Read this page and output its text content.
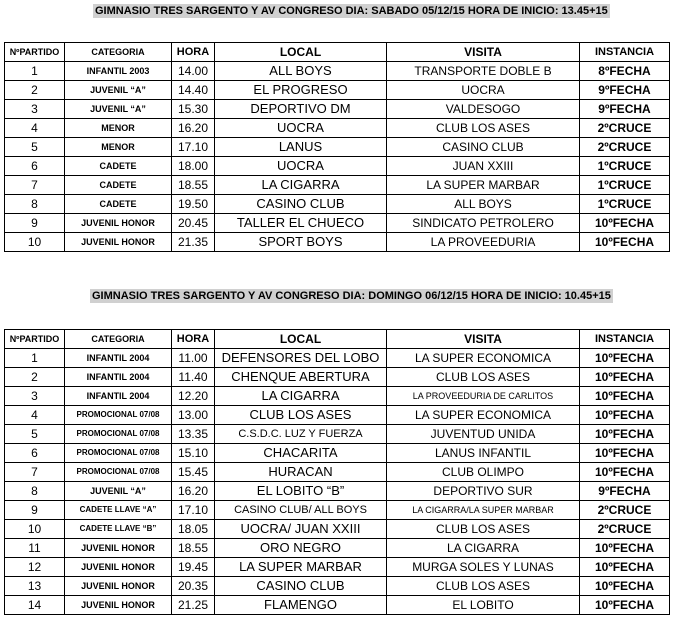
GIMNASIO TRES SARGENTO Y AV CONGRESO DIA: SABADO 05/12/15 HORA DE INICIO: 13.45+15
NºPARTIDO	CATEGORIA	HORA	LOCAL	VISITA	INSTANCIA
1	INFANTIL 2003	14.00	ALL BOYS	TRANSPORTE DOBLE B	8ºFECHA
2	JUVENIL “A”	14.40	EL PROGRESO	UOCRA	9ºFECHA
3	JUVENIL “A”	15.30	DEPORTIVO DM	VALDESOGO	9ºFECHA
4	MENOR	16.20	UOCRA	CLUB LOS ASES	2ºCRUCE
5	MENOR	17.10	LANUS	CASINO CLUB	2ºCRUCE
6	CADETE	18.00	UOCRA	JUAN XXIII	1ºCRUCE
7	CADETE	18.55	LA CIGARRA	LA SUPER MARBAR	1ºCRUCE
8	CADETE	19.50	CASINO CLUB	ALL BOYS	1ºCRUCE
9	JUVENIL HONOR	20.45	TALLER EL CHUECO	SINDICATO PETROLERO	10ºFECHA
10	JUVENIL HONOR	21.35	SPORT BOYS	LA PROVEEDURIA	10ºFECHA
GIMNASIO TRES SARGENTO Y AV CONGRESO DIA: DOMINGO 06/12/15 HORA DE INICIO: 10.45+15
NºPARTIDO	CATEGORIA	HORA	LOCAL	VISITA	INSTANCIA
1	INFANTIL 2004	11.00	DEFENSORES DEL LOBO	LA SUPER ECONOMICA	10ºFECHA
2	INFANTIL 2004	11.40	CHENQUE ABERTURA	CLUB LOS ASES	10ºFECHA
3	INFANTIL 2004	12.20	LA CIGARRA	LA PROVEEDURIA DE CARLITOS	10ºFECHA
4	PROMOCIONAL 07/08	13.00	CLUB LOS ASES	LA SUPER ECONOMICA	10ºFECHA
5	PROMOCIONAL 07/08	13.35	C.S.D.C. LUZ Y FUERZA	JUVENTUD UNIDA	10ºFECHA
6	PROMOCIONAL 07/08	15.10	CHACARITA	LANUS INFANTIL	10ºFECHA
7	PROMOCIONAL 07/08	15.45	HURACAN	CLUB OLIMPO	10ºFECHA
8	JUVENIL “A”	16.20	EL LOBITO “B”	DEPORTIVO SUR	9ºFECHA
9	CADETE LLAVE “A”	17.10	CASINO CLUB/ ALL BOYS	LA CIGARRA/LA SUPER MARBAR	2ºCRUCE
10	CADETE LLAVE “B”	18.05	UOCRA/ JUAN XXIII	CLUB LOS ASES	2ºCRUCE
11	JUVENIL HONOR	18.55	ORO NEGRO	LA CIGARRA	10ºFECHA
12	JUVENIL HONOR	19.45	LA SUPER MARBAR	MURGA SOLES Y LUNAS	10ºFECHA
13	JUVENIL HONOR	20.35	CASINO CLUB	CLUB LOS ASES	10ºFECHA
14	JUVENIL HONOR	21.25	FLAMENGO	EL LOBITO	10ºFECHA
